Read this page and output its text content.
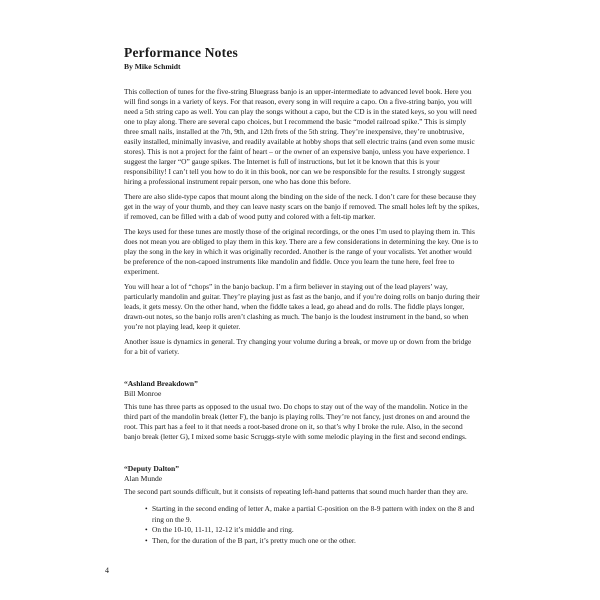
Performance Notes
By Mike Schmidt

This collection of tunes for the five-string Bluegrass banjo is an upper-intermediate to advanced level book. Here you will find songs in a variety of keys. For that reason, every song in will require a capo. On a five-string banjo, you will need a 5th string capo as well. You can play the songs without a capo, but the CD is in the stated keys, so you will need one to play along. There are several capo choices, but I recommend the basic “model railroad spike.” This is simply three small nails, installed at the 7th, 9th, and 12th frets of the 5th string. They’re inexpensive, they’re unobtrusive, easily installed, minimally invasive, and readily available at hobby shops that sell electric trains (and even some music stores). This is not a project for the faint of heart – or the owner of an expensive banjo, unless you have experience. I suggest the larger “O” gauge spikes. The Internet is full of instructions, but let it be known that this is your responsibility! I can’t tell you how to do it in this book, nor can we be responsible for the results. I strongly suggest hiring a professional instrument repair person, one who has done this before.

There are also slide-type capos that mount along the binding on the side of the neck. I don’t care for these because they get in the way of your thumb, and they can leave nasty scars on the banjo if removed. The small holes left by the spikes, if removed, can be filled with a dab of wood putty and colored with a felt-tip marker.

The keys used for these tunes are mostly those of the original recordings, or the ones I’m used to playing them in. This does not mean you are obliged to play them in this key. There are a few considerations in determining the key. One is to play the song in the key in which it was originally recorded. Another is the range of your vocalists. Yet another would be preference of the non-capoed instruments like mandolin and fiddle. Once you learn the tune here, feel free to experiment.

You will hear a lot of “chops” in the banjo backup. I’m a firm believer in staying out of the lead players’ way, particularly mandolin and guitar. They’re playing just as fast as the banjo, and if you’re doing rolls on banjo during their leads, it gets messy. On the other hand, when the fiddle takes a lead, go ahead and do rolls. The fiddle plays longer, drawn-out notes, so the banjo rolls aren’t clashing as much. The banjo is the loudest instrument in the band, so when you’re not playing lead, keep it quieter.

Another issue is dynamics in general. Try changing your volume during a break, or move up or down from the bridge for a bit of variety.

“Ashland Breakdown”
Bill Monroe

This tune has three parts as opposed to the usual two. Do chops to stay out of the way of the mandolin. Notice in the third part of the mandolin break (letter F), the banjo is playing rolls. They’re not fancy, just drones on and around the root. This part has a feel to it that needs a root-based drone on it, so that’s why I broke the rule. Also, in the second banjo break (letter G), I mixed some basic Scruggs-style with some melodic playing in the first and second endings.

“Deputy Dalton”
Alan Munde

The second part sounds difficult, but it consists of repeating left-hand patterns that sound much harder than they are.

• Starting in the second ending of letter A, make a partial C-position on the 8-9 pattern with index on the 8 and ring on the 9.
• On the 10-10, 11-11, 12-12 it’s middle and ring.
• Then, for the duration of the B part, it’s pretty much one or the other.
4
